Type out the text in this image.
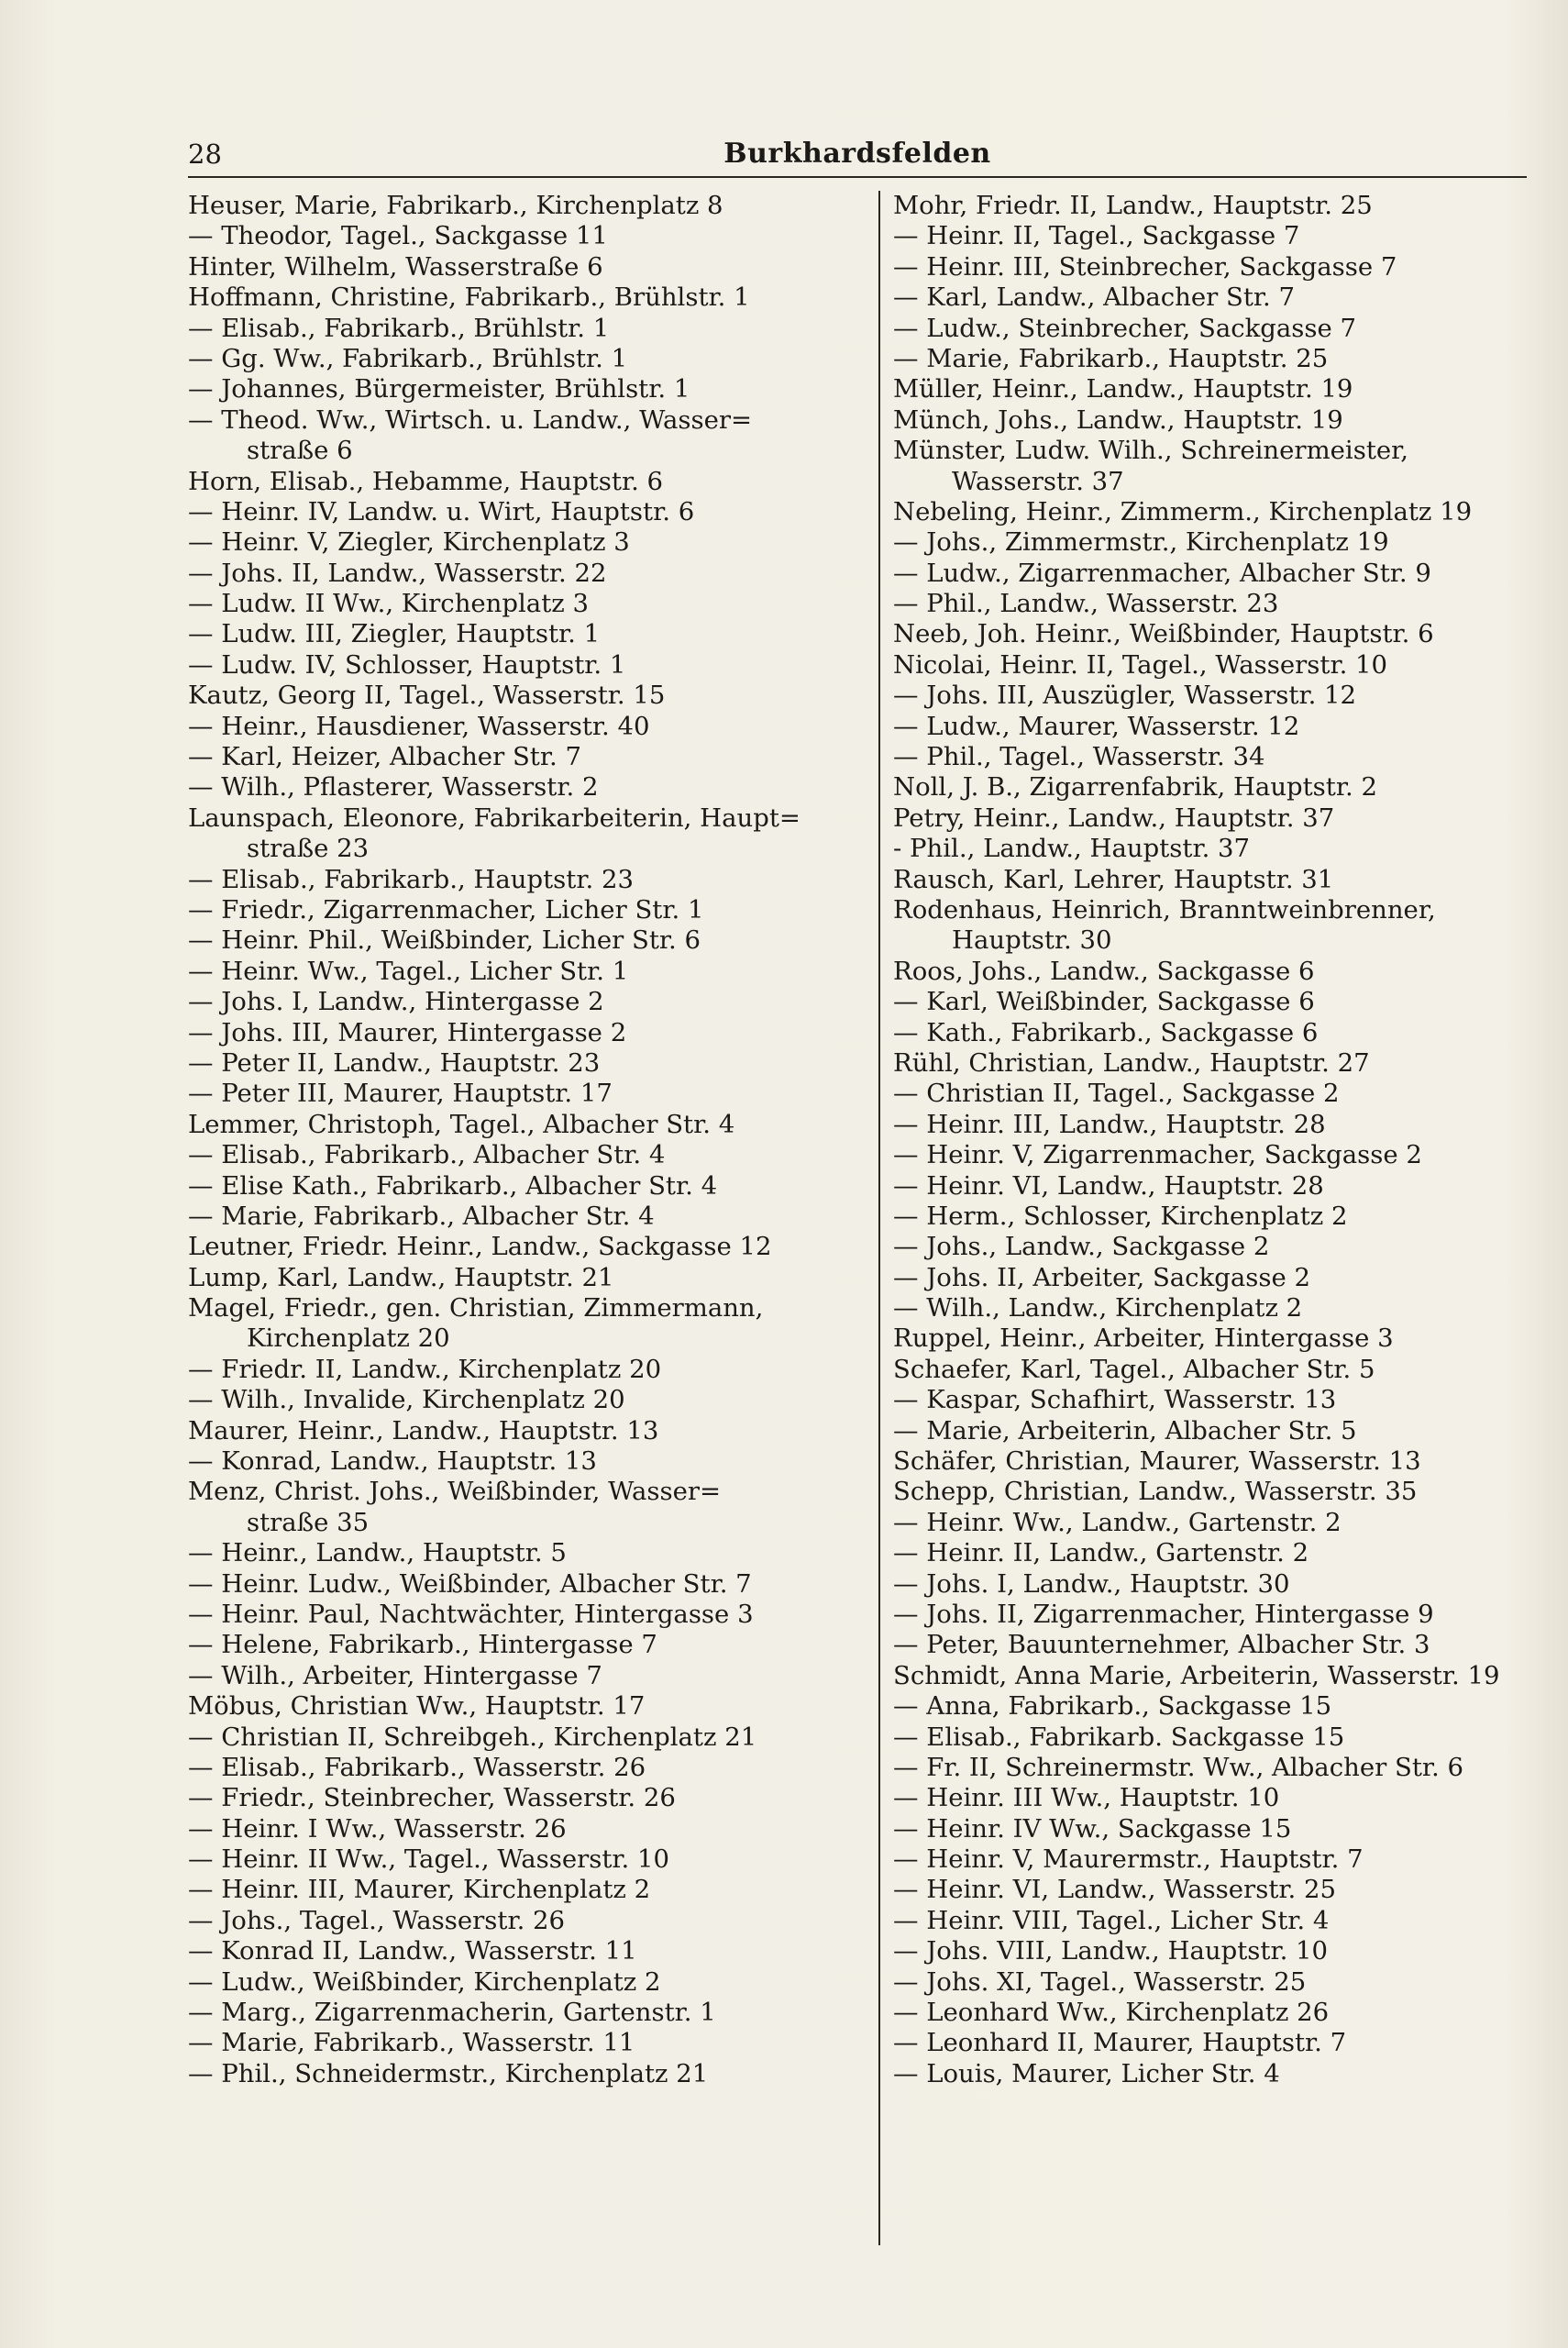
28	Burkhardsfelden
Heuser, Marie, Fabrikarb., Kirchenplatz 8
— Theodor, Tagel., Sackgasse 11
Hinter, Wilhelm, Wasserstraße 6
Hoffmann, Christine, Fabrikarb., Brühlstr. 1
— Elisab., Fabrikarb., Brühlstr. 1
— Gg. Ww., Fabrikarb., Brühlstr. 1
— Johannes, Bürgermeister, Brühlstr. 1
— Theod. Ww., Wirtsch. u. Landw., Wasser=
straße 6
Horn, Elisab., Hebamme, Hauptstr. 6
— Heinr. IV, Landw. u. Wirt, Hauptstr. 6
— Heinr. V, Ziegler, Kirchenplatz 3
— Johs. II, Landw., Wasserstr. 22
— Ludw. II Ww., Kirchenplatz 3
— Ludw. III, Ziegler, Hauptstr. 1
— Ludw. IV, Schlosser, Hauptstr. 1
Kautz, Georg II, Tagel., Wasserstr. 15
— Heinr., Hausdiener, Wasserstr. 40
— Karl, Heizer, Albacher Str. 7
— Wilh., Pflasterer, Wasserstr. 2
Launspach, Eleonore, Fabrikarbeiterin, Haupt=
straße 23
— Elisab., Fabrikarb., Hauptstr. 23
— Friedr., Zigarrenmacher, Licher Str. 1
— Heinr. Phil., Weißbinder, Licher Str. 6
— Heinr. Ww., Tagel., Licher Str. 1
— Johs. I, Landw., Hintergasse 2
— Johs. III, Maurer, Hintergasse 2
— Peter II, Landw., Hauptstr. 23
— Peter III, Maurer, Hauptstr. 17
Lemmer, Christoph, Tagel., Albacher Str. 4
— Elisab., Fabrikarb., Albacher Str. 4
— Elise Kath., Fabrikarb., Albacher Str. 4
— Marie, Fabrikarb., Albacher Str. 4
Leutner, Friedr. Heinr., Landw., Sackgasse 12
Lump, Karl, Landw., Hauptstr. 21
Magel, Friedr., gen. Christian, Zimmermann,
Kirchenplatz 20
— Friedr. II, Landw., Kirchenplatz 20
— Wilh., Invalide, Kirchenplatz 20
Maurer, Heinr., Landw., Hauptstr. 13
— Konrad, Landw., Hauptstr. 13
Menz, Christ. Johs., Weißbinder, Wasser=
straße 35
— Heinr., Landw., Hauptstr. 5
— Heinr. Ludw., Weißbinder, Albacher Str. 7
— Heinr. Paul, Nachtwächter, Hintergasse 3
— Helene, Fabrikarb., Hintergasse 7
— Wilh., Arbeiter, Hintergasse 7
Möbus, Christian Ww., Hauptstr. 17
— Christian II, Schreibgeh., Kirchenplatz 21
— Elisab., Fabrikarb., Wasserstr. 26
— Friedr., Steinbrecher, Wasserstr. 26
— Heinr. I Ww., Wasserstr. 26
— Heinr. II Ww., Tagel., Wasserstr. 10
— Heinr. III, Maurer, Kirchenplatz 2
— Johs., Tagel., Wasserstr. 26
— Konrad II, Landw., Wasserstr. 11
— Ludw., Weißbinder, Kirchenplatz 2
— Marg., Zigarrenmacherin, Gartenstr. 1
— Marie, Fabrikarb., Wasserstr. 11
— Phil., Schneidermstr., Kirchenplatz 21
Mohr, Friedr. II, Landw., Hauptstr. 25
— Heinr. II, Tagel., Sackgasse 7
— Heinr. III, Steinbrecher, Sackgasse 7
— Karl, Landw., Albacher Str. 7
— Ludw., Steinbrecher, Sackgasse 7
— Marie, Fabrikarb., Hauptstr. 25
Müller, Heinr., Landw., Hauptstr. 19
Münch, Johs., Landw., Hauptstr. 19
Münster, Ludw. Wilh., Schreinermeister,
Wasserstr. 37
Nebeling, Heinr., Zimmerm., Kirchenplatz 19
— Johs., Zimmermstr., Kirchenplatz 19
— Ludw., Zigarrenmacher, Albacher Str. 9
— Phil., Landw., Wasserstr. 23
Neeb, Joh. Heinr., Weißbinder, Hauptstr. 6
Nicolai, Heinr. II, Tagel., Wasserstr. 10
— Johs. III, Auszügler, Wasserstr. 12
— Ludw., Maurer, Wasserstr. 12
— Phil., Tagel., Wasserstr. 34
Noll, J. B., Zigarrenfabrik, Hauptstr. 2
Petry, Heinr., Landw., Hauptstr. 37
- Phil., Landw., Hauptstr. 37
Rausch, Karl, Lehrer, Hauptstr. 31
Rodenhaus, Heinrich, Branntweinbrenner,
Hauptstr. 30
Roos, Johs., Landw., Sackgasse 6
— Karl, Weißbinder, Sackgasse 6
— Kath., Fabrikarb., Sackgasse 6
Rühl, Christian, Landw., Hauptstr. 27
— Christian II, Tagel., Sackgasse 2
— Heinr. III, Landw., Hauptstr. 28
— Heinr. V, Zigarrenmacher, Sackgasse 2
— Heinr. VI, Landw., Hauptstr. 28
— Herm., Schlosser, Kirchenplatz 2
— Johs., Landw., Sackgasse 2
— Johs. II, Arbeiter, Sackgasse 2
— Wilh., Landw., Kirchenplatz 2
Ruppel, Heinr., Arbeiter, Hintergasse 3
Schaefer, Karl, Tagel., Albacher Str. 5
— Kaspar, Schafhirt, Wasserstr. 13
— Marie, Arbeiterin, Albacher Str. 5
Schäfer, Christian, Maurer, Wasserstr. 13
Schepp, Christian, Landw., Wasserstr. 35
— Heinr. Ww., Landw., Gartenstr. 2
— Heinr. II, Landw., Gartenstr. 2
— Johs. I, Landw., Hauptstr. 30
— Johs. II, Zigarrenmacher, Hintergasse 9
— Peter, Bauunternehmer, Albacher Str. 3
Schmidt, Anna Marie, Arbeiterin, Wasserstr. 19
— Anna, Fabrikarb., Sackgasse 15
— Elisab., Fabrikarb. Sackgasse 15
— Fr. II, Schreinermstr. Ww., Albacher Str. 6
— Heinr. III Ww., Hauptstr. 10
— Heinr. IV Ww., Sackgasse 15
— Heinr. V, Maurermstr., Hauptstr. 7
— Heinr. VI, Landw., Wasserstr. 25
— Heinr. VIII, Tagel., Licher Str. 4
— Johs. VIII, Landw., Hauptstr. 10
— Johs. XI, Tagel., Wasserstr. 25
— Leonhard Ww., Kirchenplatz 26
— Leonhard II, Maurer, Hauptstr. 7
— Louis, Maurer, Licher Str. 4
